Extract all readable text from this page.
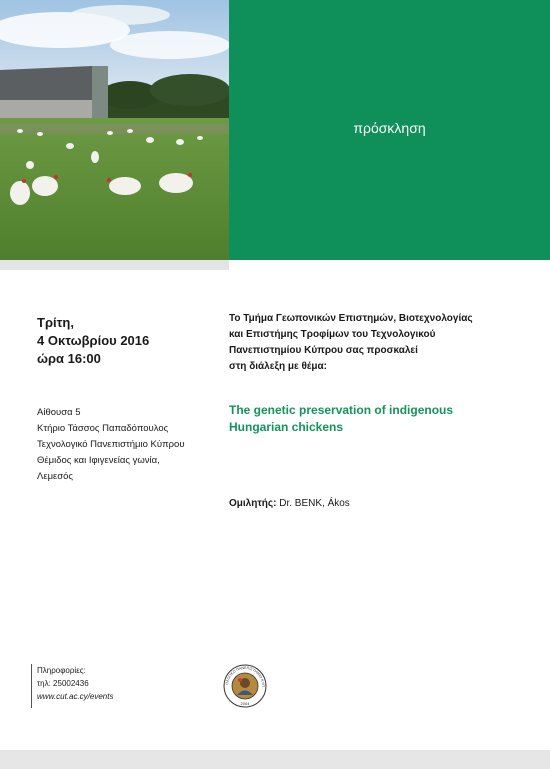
πρόσκληση
Τρίτη,
4 Οκτωβρίου 2016
ώρα 16:00
Αίθουσα 5
Κτήριο Τάσσος Παπαδόπουλος
Τεχνολογικό Πανεπιστήμιο Κύπρου
Θέμιδος και Ιφιγενείας γωνία,
Λεμεσός
Το Τμήμα Γεωπονικών Επιστημών, Βιοτεχνολογίας
και Επιστήμης Τροφίμων του Τεχνολογικού
Πανεπιστημίου Κύπρου σας προσκαλεί
στη διάλεξη με θέμα:
The genetic preservation of indigenous
Hungarian chickens
Ομιλητής: Dr. BENK, Ákos
Πληροφορίες:
τηλ: 25002436
www.cut.ac.cy/events
ΟΛΟΓΙΚΟ ΠΑΝΕΠΙΣΤΗΜΙΟ ΚΥΠ
2004
